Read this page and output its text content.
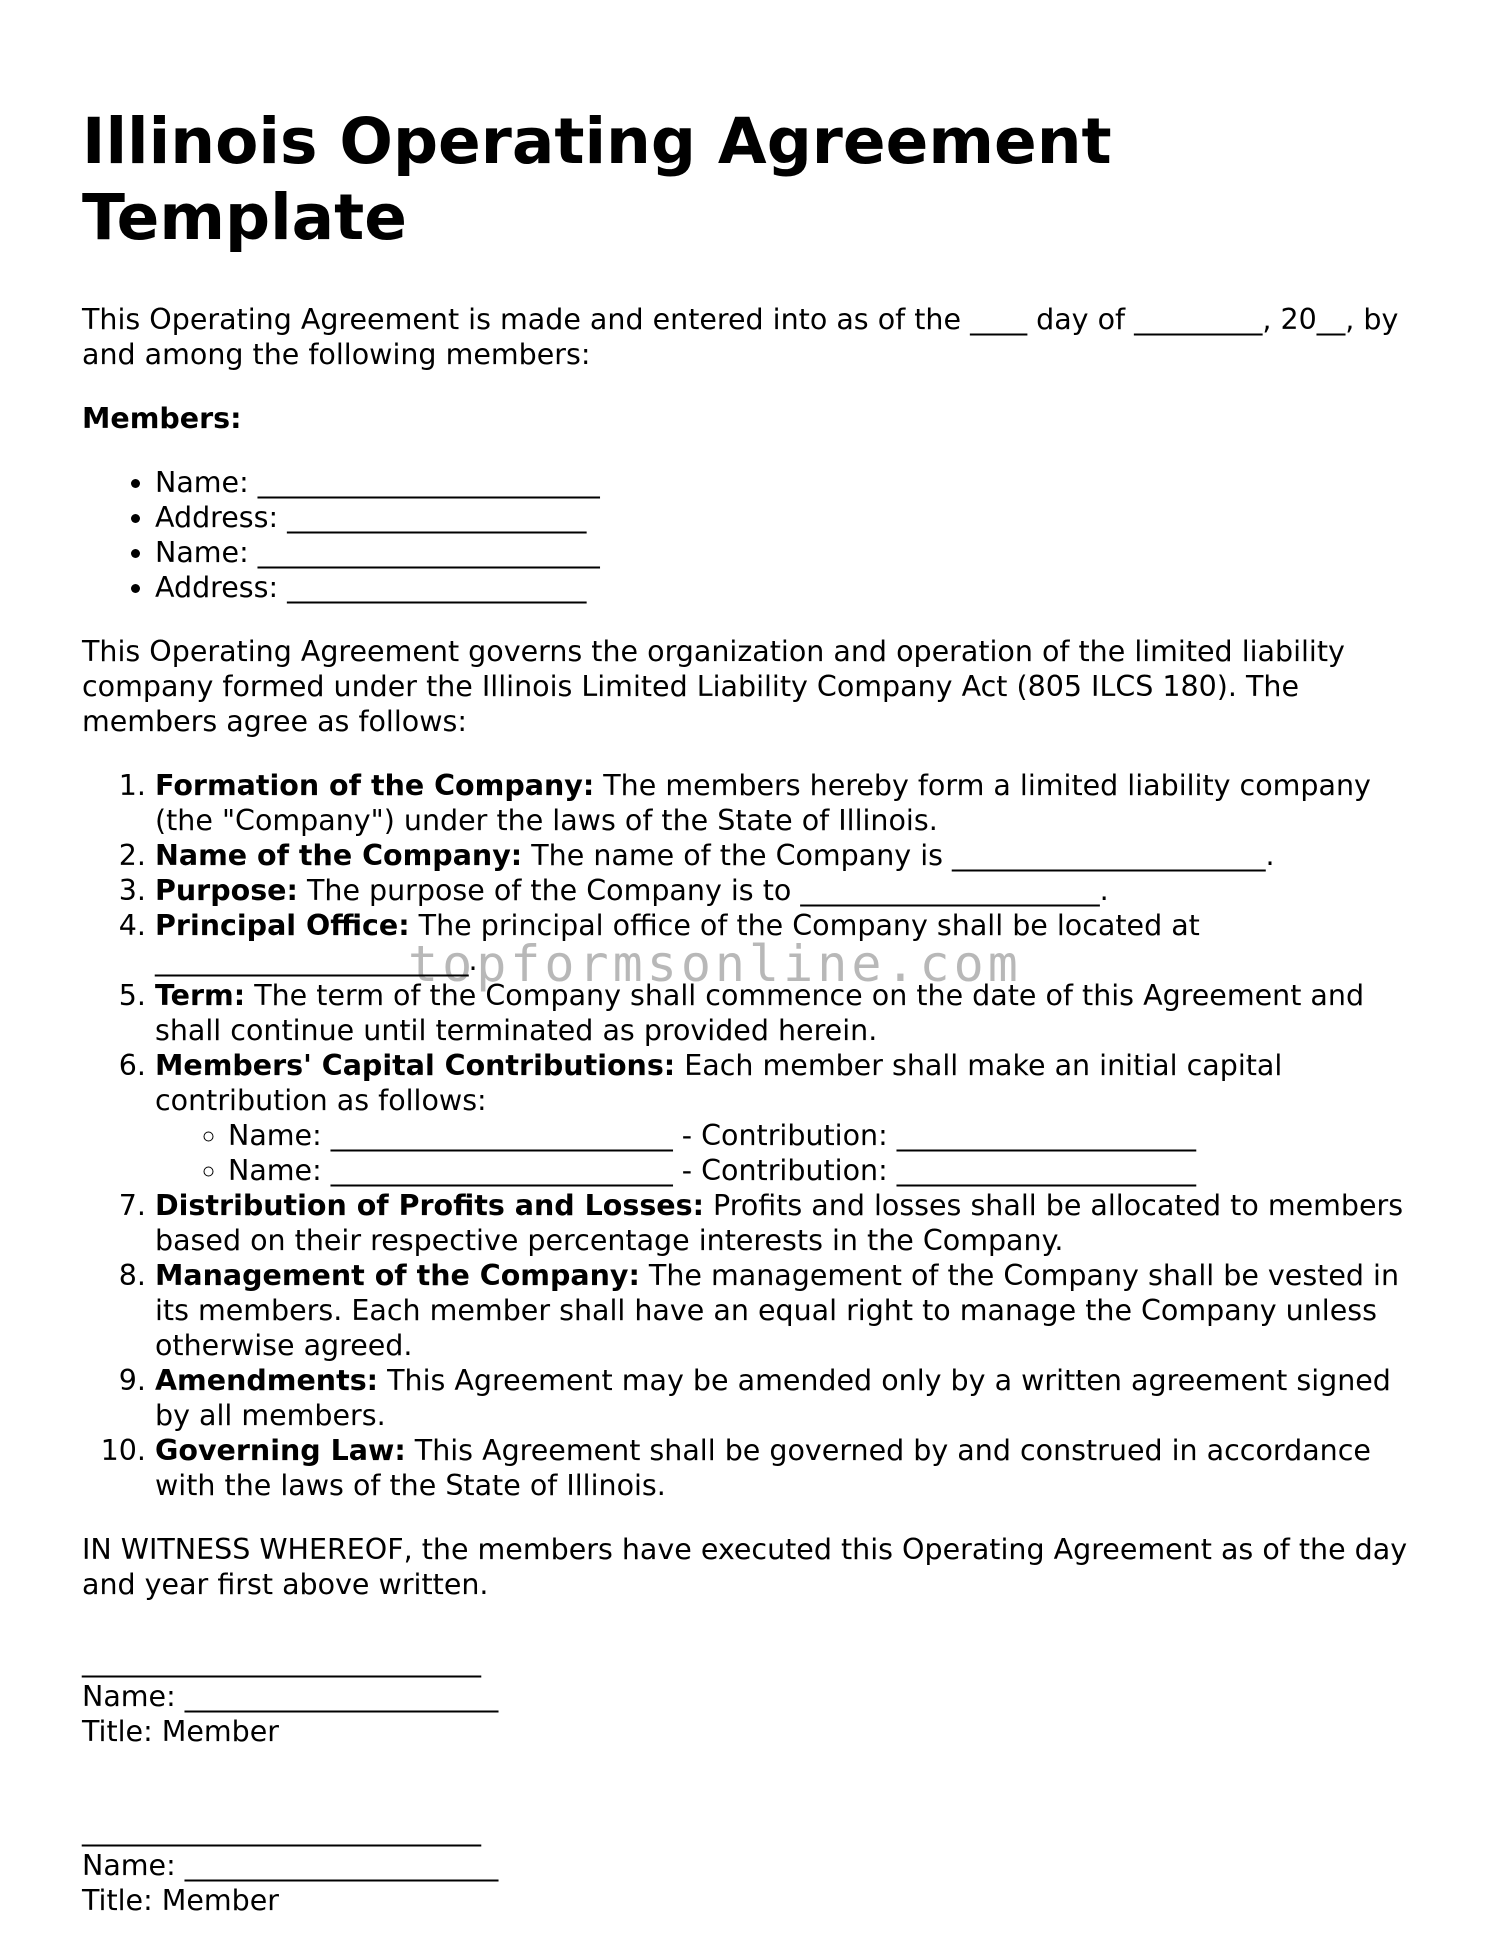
Illinois Operating Agreement Template

This Operating Agreement is made and entered into as of the ____ day of _________, 20__, by and among the following members:

Members:

• Name: ________________________
• Address: _____________________
• Name: ________________________
• Address: _____________________

This Operating Agreement governs the organization and operation of the limited liability company formed under the Illinois Limited Liability Company Act (805 ILCS 180). The members agree as follows:

1. Formation of the Company: The members hereby form a limited liability company (the "Company") under the laws of the State of Illinois.
2. Name of the Company: The name of the Company is ______________________.
3. Purpose: The purpose of the Company is to _____________________.
4. Principal Office: The principal office of the Company shall be located at ______________________.
5. Term: The term of the Company shall commence on the date of this Agreement and shall continue until terminated as provided herein.
6. Members' Capital Contributions: Each member shall make an initial capital contribution as follows:
◦ Name: ________________________ - Contribution: _____________________
◦ Name: ________________________ - Contribution: _____________________
7. Distribution of Profits and Losses: Profits and losses shall be allocated to members based on their respective percentage interests in the Company.
8. Management of the Company: The management of the Company shall be vested in its members. Each member shall have an equal right to manage the Company unless otherwise agreed.
9. Amendments: This Agreement may be amended only by a written agreement signed by all members.
10. Governing Law: This Agreement shall be governed by and construed in accordance with the laws of the State of Illinois.

IN WITNESS WHEREOF, the members have executed this Operating Agreement as of the day and year first above written.

____________________________
Name: ______________________
Title: Member
____________________________
Name: ______________________
Title: Member
topformsonline.com
